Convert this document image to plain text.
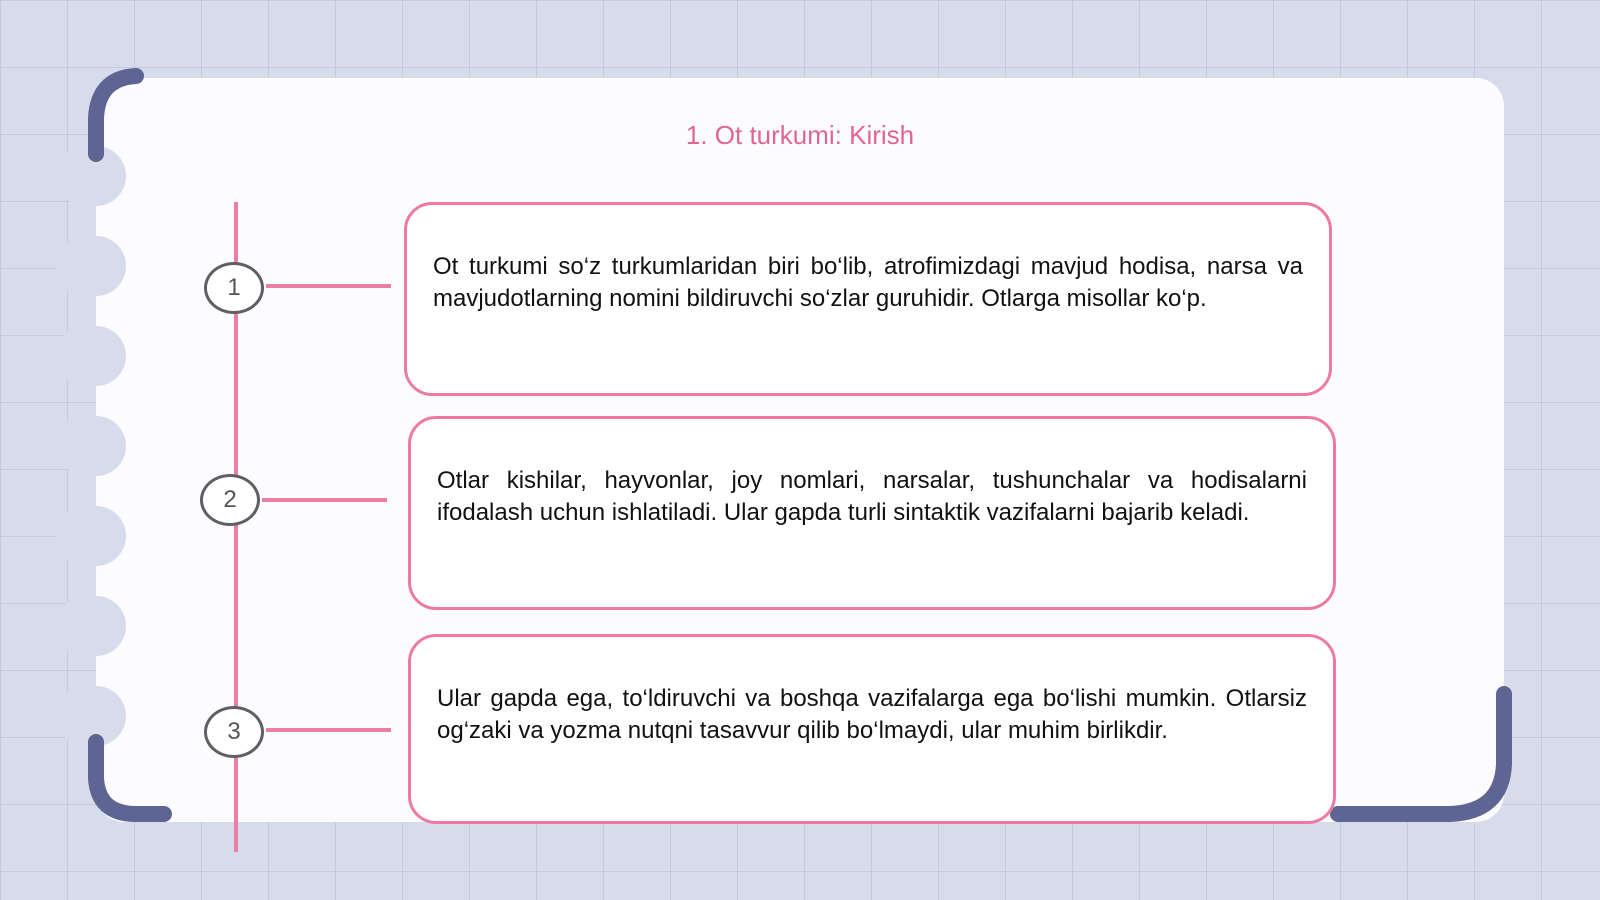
1. Ot turkumi: Kirish
1

Ot turkumi so‘z turkumlaridan biri bo‘lib, atrofimizdagi mavjud hodisa, narsa va mavjudotlarning nomini bildiruvchi so‘zlar guruhidir. Otlarga misollar ko‘p.

2

Otlar kishilar, hayvonlar, joy nomlari, narsalar, tushunchalar va hodisalarni ifodalash uchun ishlatiladi. Ular gapda turli sintaktik vazifalarni bajarib keladi.

3

Ular gapda ega, to‘ldiruvchi va boshqa vazifalarga ega bo‘lishi mumkin. Otlarsiz og‘zaki va yozma nutqni tasavvur qilib bo‘lmaydi, ular muhim birlikdir.
